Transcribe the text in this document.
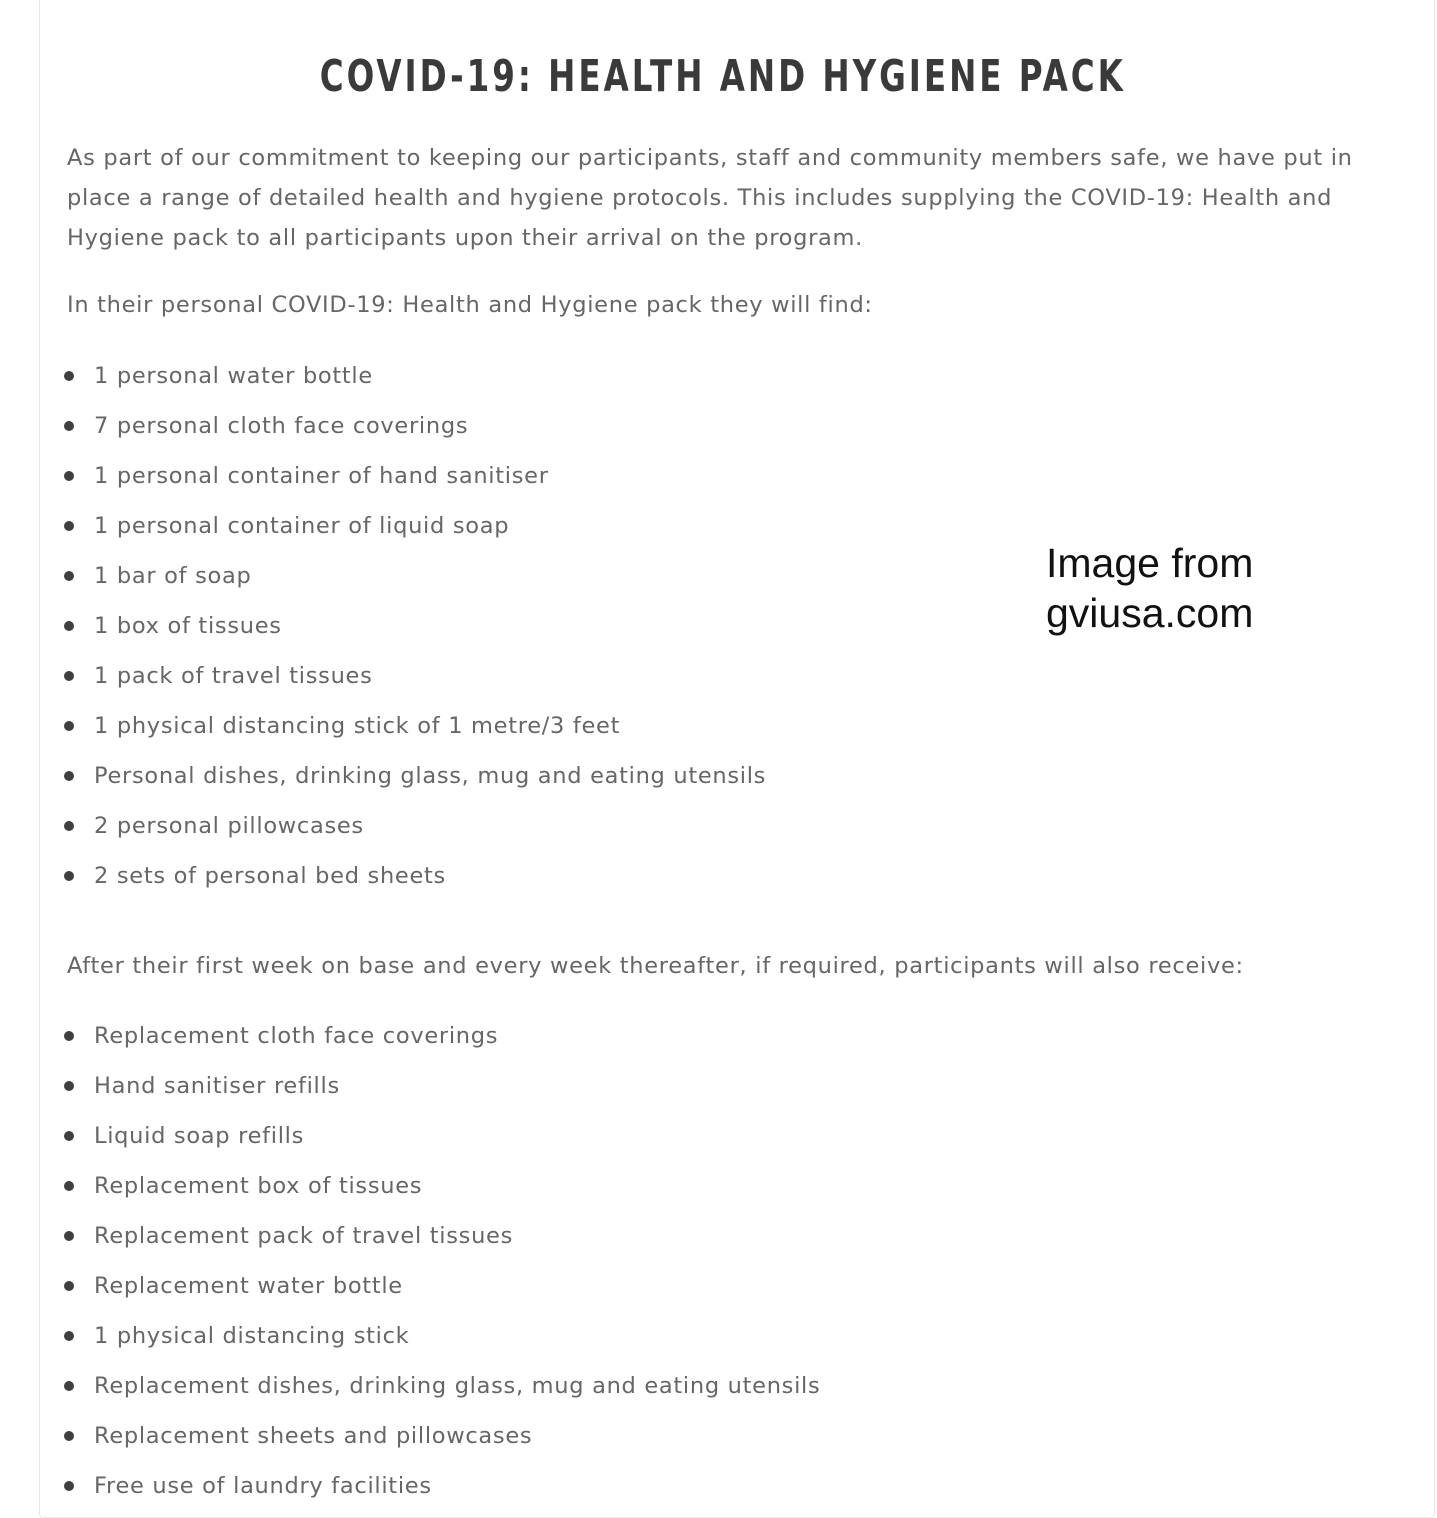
COVID-19: HEALTH AND HYGIENE PACK

As part of our commitment to keeping our participants, staff and community members safe, we have put in place a range of detailed health and hygiene protocols. This includes supplying the COVID-19: Health and Hygiene pack to all participants upon their arrival on the program.

In their personal COVID-19: Health and Hygiene pack they will find:

1 personal water bottle
7 personal cloth face coverings
1 personal container of hand sanitiser
1 personal container of liquid soap
1 bar of soap
1 box of tissues
1 pack of travel tissues
1 physical distancing stick of 1 metre/3 feet
Personal dishes, drinking glass, mug and eating utensils
2 personal pillowcases
2 sets of personal bed sheets

After their first week on base and every week thereafter, if required, participants will also receive:

Replacement cloth face coverings
Hand sanitiser refills
Liquid soap refills
Replacement box of tissues
Replacement pack of travel tissues
Replacement water bottle
1 physical distancing stick
Replacement dishes, drinking glass, mug and eating utensils
Replacement sheets and pillowcases
Free use of laundry facilities
Image from
gviusa.com
